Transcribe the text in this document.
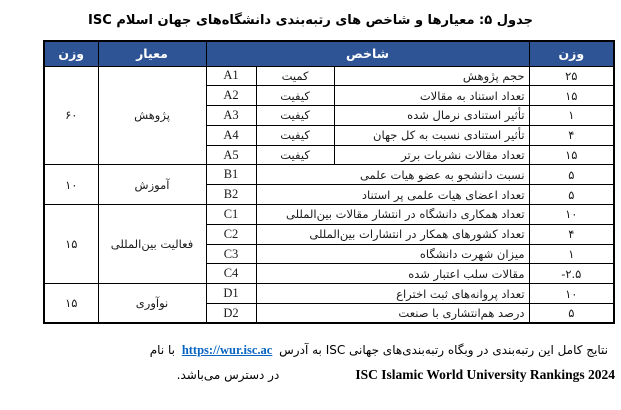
جدول ۵: معیارها و شاخص های رتبه‌بندی دانشگاه‌های جهان اسلام ISC
وزن	شاخص			معیار	وزن
۲۵	حجم پژوهش	کمیت	A1	پژوهش	۶۰
۱۵	تعداد استناد به مقالات	کیفیت	A2		
۱	تأثیر استنادی نرمال شده	کیفیت	A3		
۴	تأثیر استنادی نسبت به کل جهان	کیفیت	A4		
۱۵	تعداد مقالات نشریات برتر	کیفیت	A5		
۵	نسبت دانشجو به عضو هیات علمی		B1	آموزش	۱۰
۵	تعداد اعضای هیات علمی پر استناد		B2		
۱۰	تعداد همکاری دانشگاه در انتشار مقالات بین‌المللی		C1	فعالیت بین‌المللی	۱۵
۴	تعداد کشورهای همکار در انتشارات بین‌المللی		C2		
۱	میزان شهرت دانشگاه		C3		
-۲.۵	مقالات سلب اعتبار شده		C4		
۱۰	تعداد پروانه‌های ثبت اختراع		D1	نوآوری	۱۵
۵	درصد هم‌انتشاری با صنعت		D2		
نتایج کامل این رتبه‌بندی در وبگاه رتبه‌بندی‌های جهانی ISC به آدرس https://wur.isc.ac با نام
ISC Islamic World University Rankings 2024در دسترس می‌باشد.
